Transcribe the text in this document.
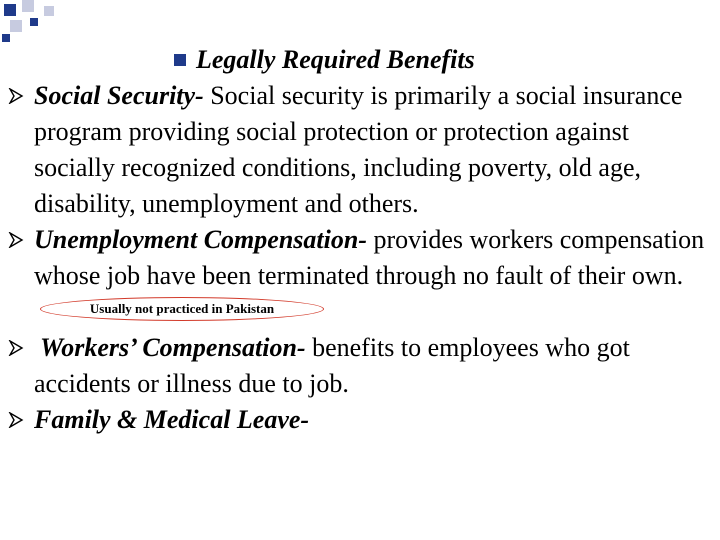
Legally Required Benefits
Social Security- Social security is primarily a social insurance program providing social protection or protection against socially recognized conditions, including poverty, old age, disability, unemployment and others.
Unemployment Compensation- provides workers compensation whose job have been terminated through no fault of their own.
Usually not practiced in Pakistan
Workers’ Compensation- benefits to employees who got accidents or illness due to job.
Family & Medical Leave-
